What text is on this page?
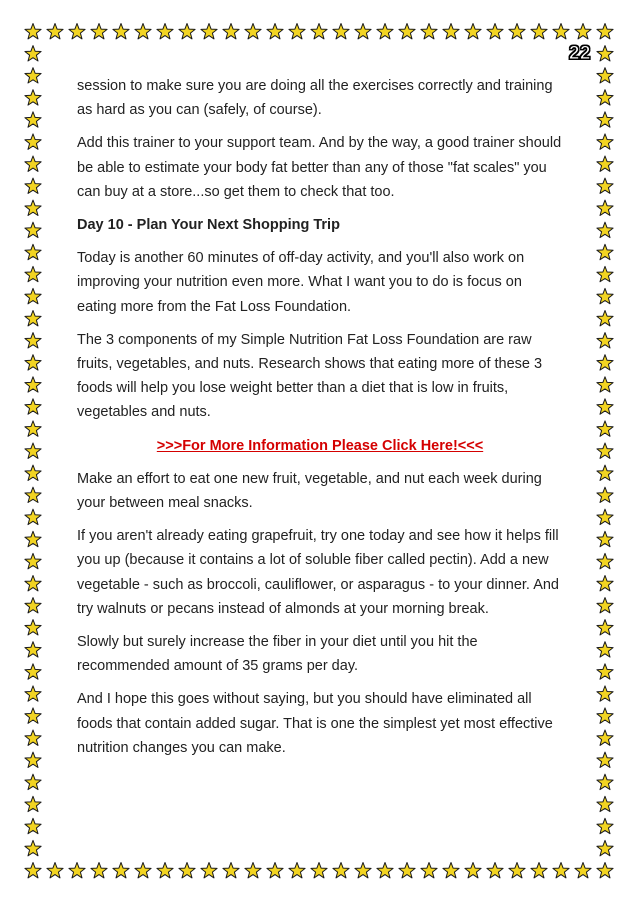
22

session to make sure you are doing all the exercises correctly and training as hard as you can (safely, of course).

Add this trainer to your support team. And by the way, a good trainer should be able to estimate your body fat better than any of those "fat scales" you can buy at a store...so get them to check that too.

Day 10 - Plan Your Next Shopping Trip

Today is another 60 minutes of off-day activity, and you'll also work on improving your nutrition even more. What I want you to do is focus on eating more from the Fat Loss Foundation.

The 3 components of my Simple Nutrition Fat Loss Foundation are raw fruits, vegetables, and nuts. Research shows that eating more of these 3 foods will help you lose weight better than a diet that is low in fruits, vegetables and nuts.

>>>For More Information Please Click Here!<<<

Make an effort to eat one new fruit, vegetable, and nut each week during your between meal snacks.

If you aren't already eating grapefruit, try one today and see how it helps fill you up (because it contains a lot of soluble fiber called pectin). Add a new vegetable - such as broccoli, cauliflower, or asparagus - to your dinner. And try walnuts or pecans instead of almonds at your morning break.

Slowly but surely increase the fiber in your diet until you hit the recommended amount of 35 grams per day.

And I hope this goes without saying, but you should have eliminated all foods that contain added sugar. That is one the simplest yet most effective nutrition changes you can make.
